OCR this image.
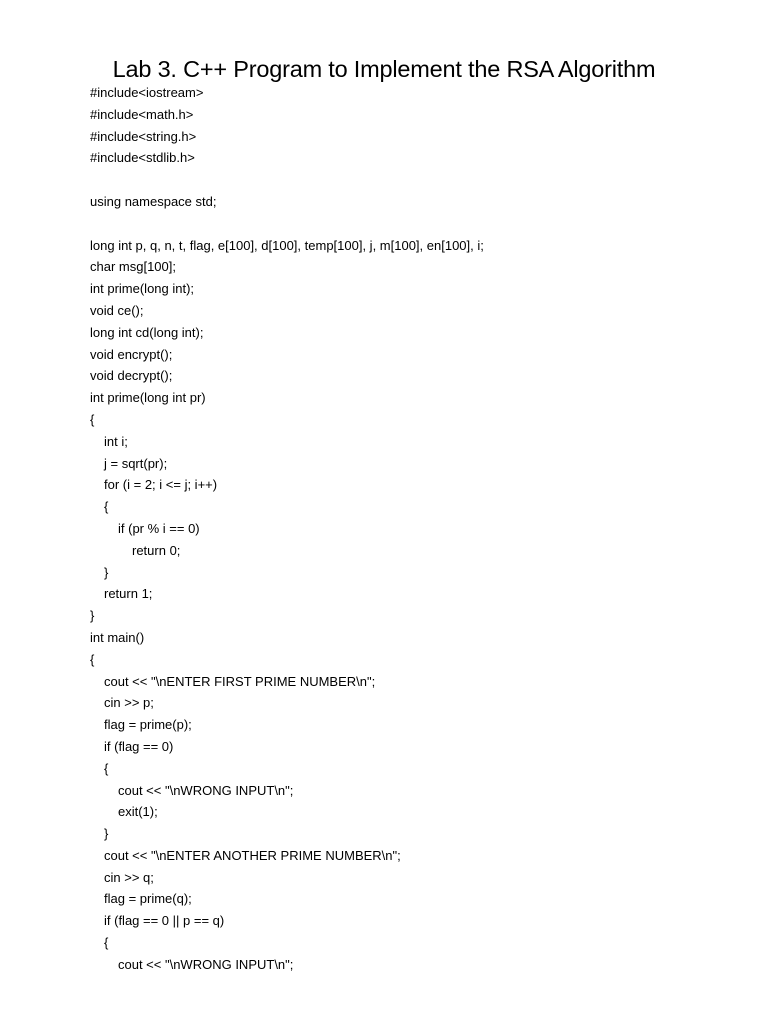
Lab 3. C++ Program to Implement the RSA Algorithm
#include<iostream>
#include<math.h>
#include<string.h>
#include<stdlib.h>
using namespace std;
long int p, q, n, t, flag, e[100], d[100], temp[100], j, m[100], en[100], i;
char msg[100];
int prime(long int);
void ce();
long int cd(long int);
void encrypt();
void decrypt();
int prime(long int pr)
{
int i;
j = sqrt(pr);
for (i = 2; i <= j; i++)
{
if (pr % i == 0)
return 0;
}
return 1;
}
int main()
{
cout << "\nENTER FIRST PRIME NUMBER\n";
cin >> p;
flag = prime(p);
if (flag == 0)
{
cout << "\nWRONG INPUT\n";
exit(1);
}
cout << "\nENTER ANOTHER PRIME NUMBER\n";
cin >> q;
flag = prime(q);
if (flag == 0 || p == q)
{
cout << "\nWRONG INPUT\n";
